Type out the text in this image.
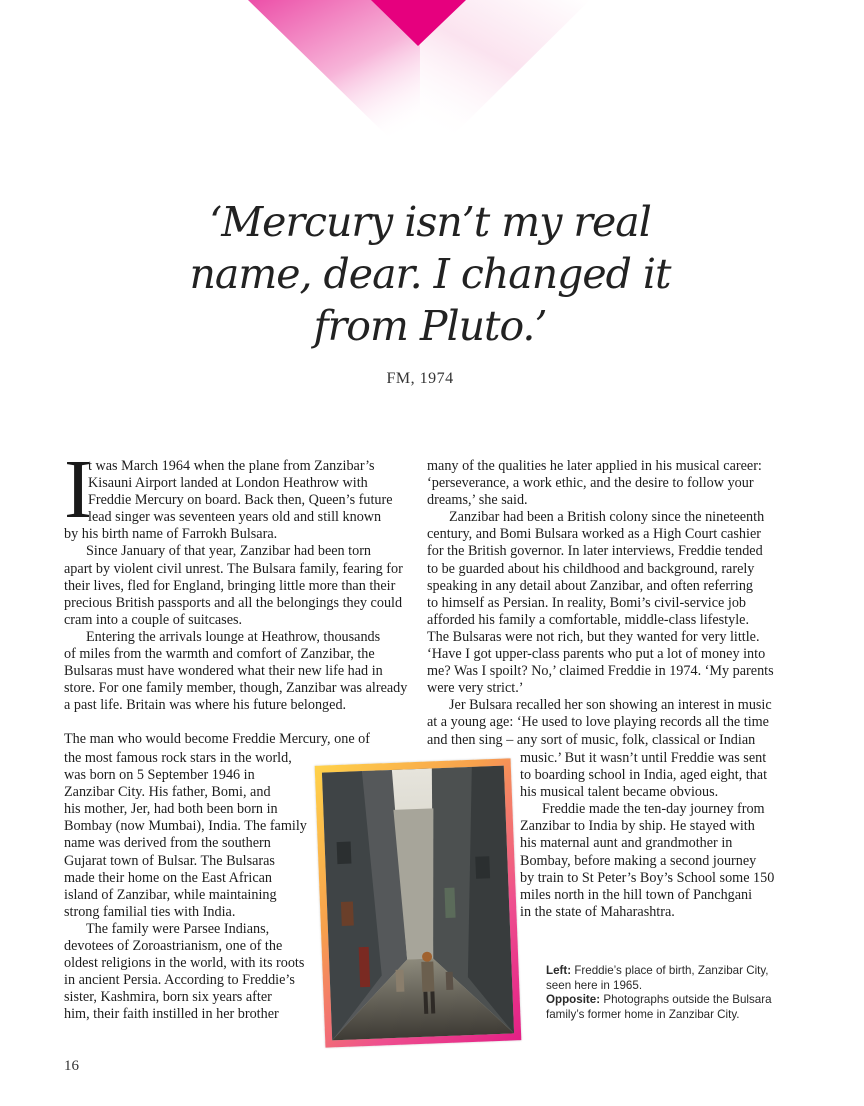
‘Mercury isn’t my real
name, dear. I changed it
from Pluto.’
FM, 1974
I
t was March 1964 when the plane from Zanzibar’s
Kisauni Airport landed at London Heathrow with
Freddie Mercury on board. Back then, Queen’s future
lead singer was seventeen years old and still known
by his birth name of Farrokh Bulsara.
Since January of that year, Zanzibar had been torn
apart by violent civil unrest. The Bulsara family, fearing for
their lives, fled for England, bringing little more than their
precious British passports and all the belongings they could
cram into a couple of suitcases.
Entering the arrivals lounge at Heathrow, thousands
of miles from the warmth and comfort of Zanzibar, the
Bulsaras must have wondered what their new life had in
store. For one family member, though, Zanzibar was already
a past life. Britain was where his future belonged.
The man who would become Freddie Mercury, one of
the most famous rock stars in the world,
was born on 5 September 1946 in
Zanzibar City. His father, Bomi, and
his mother, Jer, had both been born in
Bombay (now Mumbai), India. The family
name was derived from the southern
Gujarat town of Bulsar. The Bulsaras
made their home on the East African
island of Zanzibar, while maintaining
strong familial ties with India.
The family were Parsee Indians,
devotees of Zoroastrianism, one of the
oldest religions in the world, with its roots
in ancient Persia. According to Freddie’s
sister, Kashmira, born six years after
him, their faith instilled in her brother
many of the qualities he later applied in his musical career:
‘perseverance, a work ethic, and the desire to follow your
dreams,’ she said.
Zanzibar had been a British colony since the nineteenth
century, and Bomi Bulsara worked as a High Court cashier
for the British governor. In later interviews, Freddie tended
to be guarded about his childhood and background, rarely
speaking in any detail about Zanzibar, and often referring
to himself as Persian. In reality, Bomi’s civil-service job
afforded his family a comfortable, middle-class lifestyle.
The Bulsaras were not rich, but they wanted for very little.
‘Have I got upper-class parents who put a lot of money into
me? Was I spoilt? No,’ claimed Freddie in 1974. ‘My parents
were very strict.’
Jer Bulsara recalled her son showing an interest in music
at a young age: ‘He used to love playing records all the time
and then sing – any sort of music, folk, classical or Indian
music.’ But it wasn’t until Freddie was sent
to boarding school in India, aged eight, that
his musical talent became obvious.
Freddie made the ten-day journey from
Zanzibar to India by ship. He stayed with
his maternal aunt and grandmother in
Bombay, before making a second journey
by train to St Peter’s Boy’s School some 150
miles north in the hill town of Panchgani
in the state of Maharashtra.
Left: Freddie’s place of birth, Zanzibar City,
seen here in 1965.
Opposite: Photographs outside the Bulsara
family’s former home in Zanzibar City.
16
